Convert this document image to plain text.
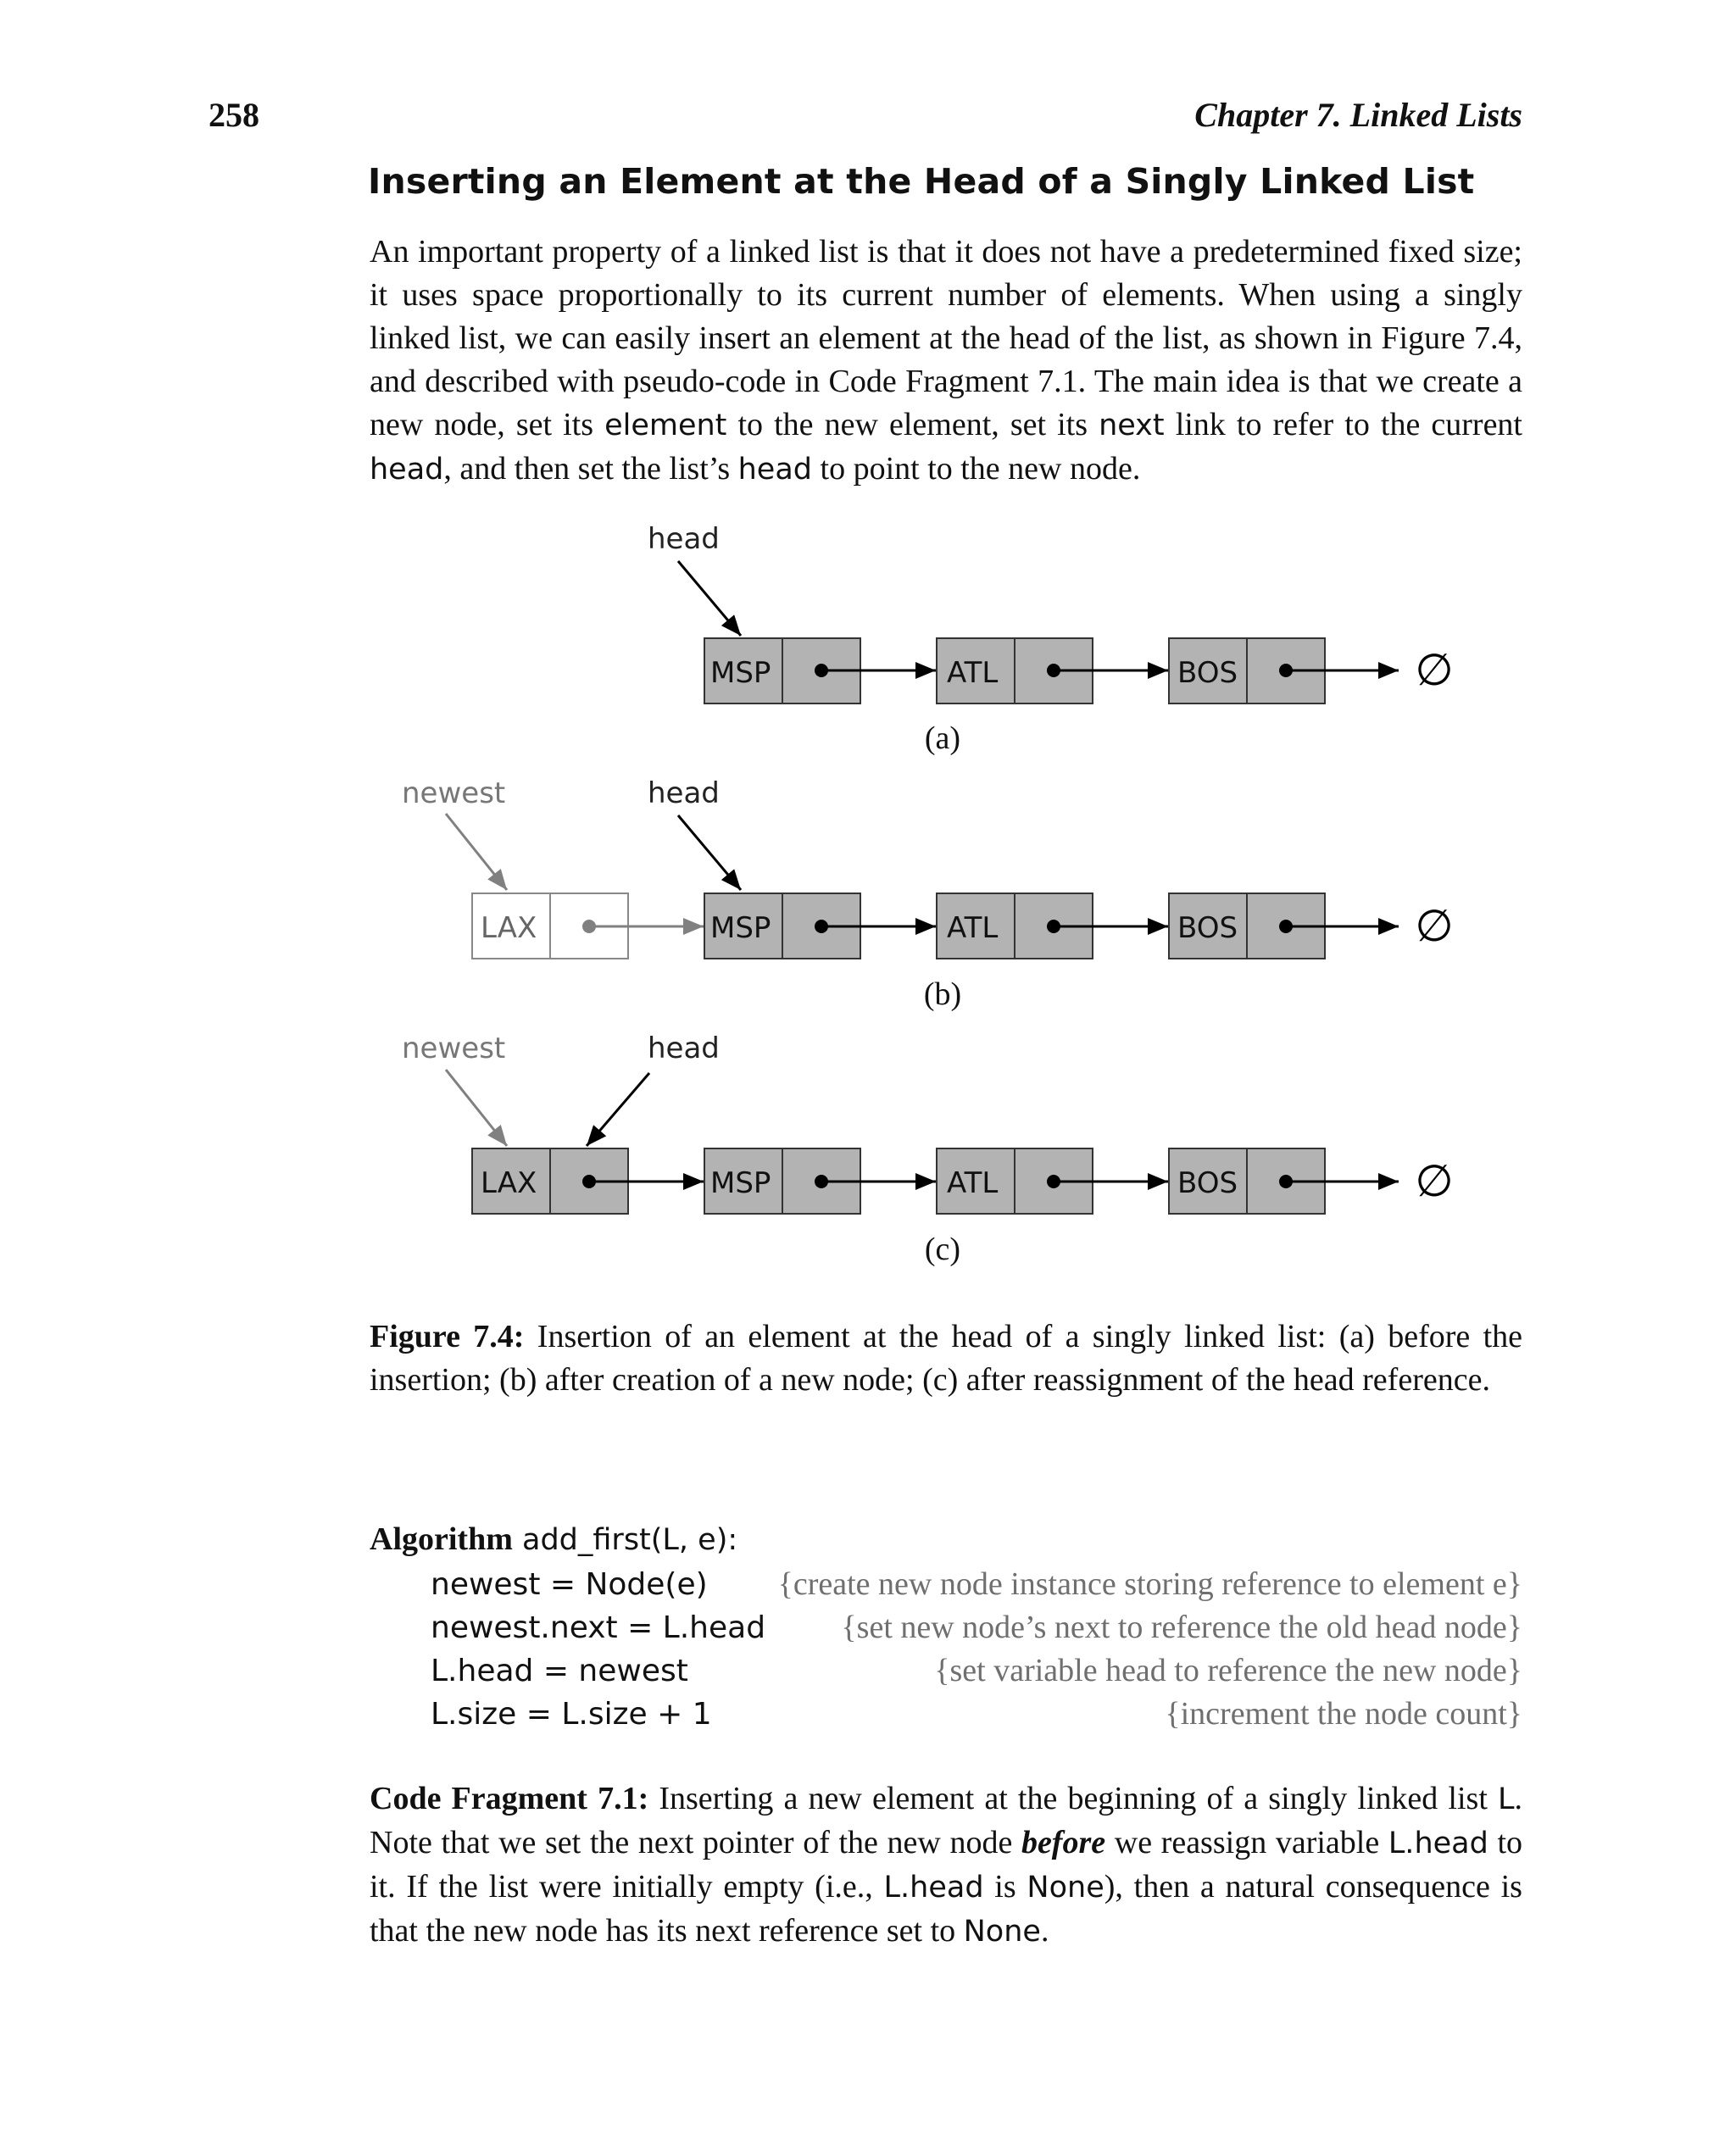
258	Chapter 7. Linked Lists
Inserting an Element at the Head of a Singly Linked List
An important property of a linked list is that it does not have a predetermined fixed size; it uses space proportionally to its current number of elements. When using a singly linked list, we can easily insert an element at the head of the list, as shown in Figure 7.4, and described with pseudo-code in Code Fragment 7.1. The main idea is that we create a new node, set its element to the new element, set its next link to refer to the current head, and then set the list’s head to point to the new node.
head
MSP	ATL	BOS	∅
(a)
newest	head
LAX	MSP	ATL	BOS	∅
(b)
newest	head
LAX	MSP	ATL	BOS	∅
(c)
Figure 7.4: Insertion of an element at the head of a singly linked list: (a) before the insertion; (b) after creation of a new node; (c) after reassignment of the head reference.
Algorithm add_first(L, e):
newest = Node(e) {create new node instance storing reference to element e}
newest.next = L.head {set new node’s next to reference the old head node}
L.head = newest	{set variable head to reference the new node}
L.size = L.size + 1	{increment the node count}
Code Fragment 7.1: Inserting a new element at the beginning of a singly linked list L. Note that we set the next pointer of the new node before we reassign variable L.head to it. If the list were initially empty (i.e., L.head is None), then a natural consequence is that the new node has its next reference set to None.
